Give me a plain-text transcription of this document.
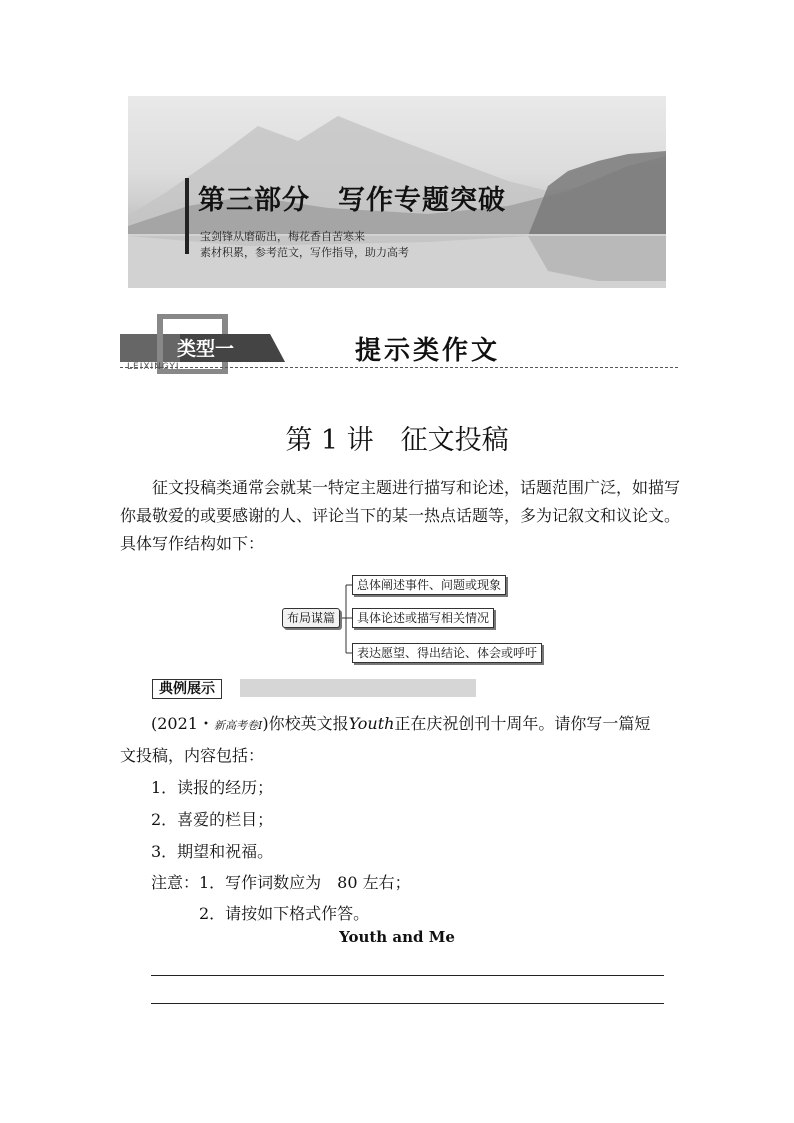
第三部分　写作专题突破
宝剑锋从磨砺出，梅花香自苦寒来
素材积累，参考范文，写作指导，助力高考
类型一
LEIXINGYI
提示类作文
第 1 讲　征文投稿
征文投稿类通常会就某一特定主题进行描写和论述，话题范围广泛，如描写你最敬爱的或要感谢的人、评论当下的某一热点话题等，多为记叙文和议论文。具体写作结构如下：
布局谋篇
总体阐述事件、问题或现象
具体论述或描写相关情况
表达愿望、得出结论、体会或呼吁
典例展示
(2021・新高考卷Ⅰ)你校英文报Youth正在庆祝创刊十周年。请你写一篇短
文投稿，内容包括：
1．读报的经历；
2．喜爱的栏目；
3．期望和祝福。
注意：1．写作词数应为　80 左右；
2．请按如下格式作答。
Youth and Me
